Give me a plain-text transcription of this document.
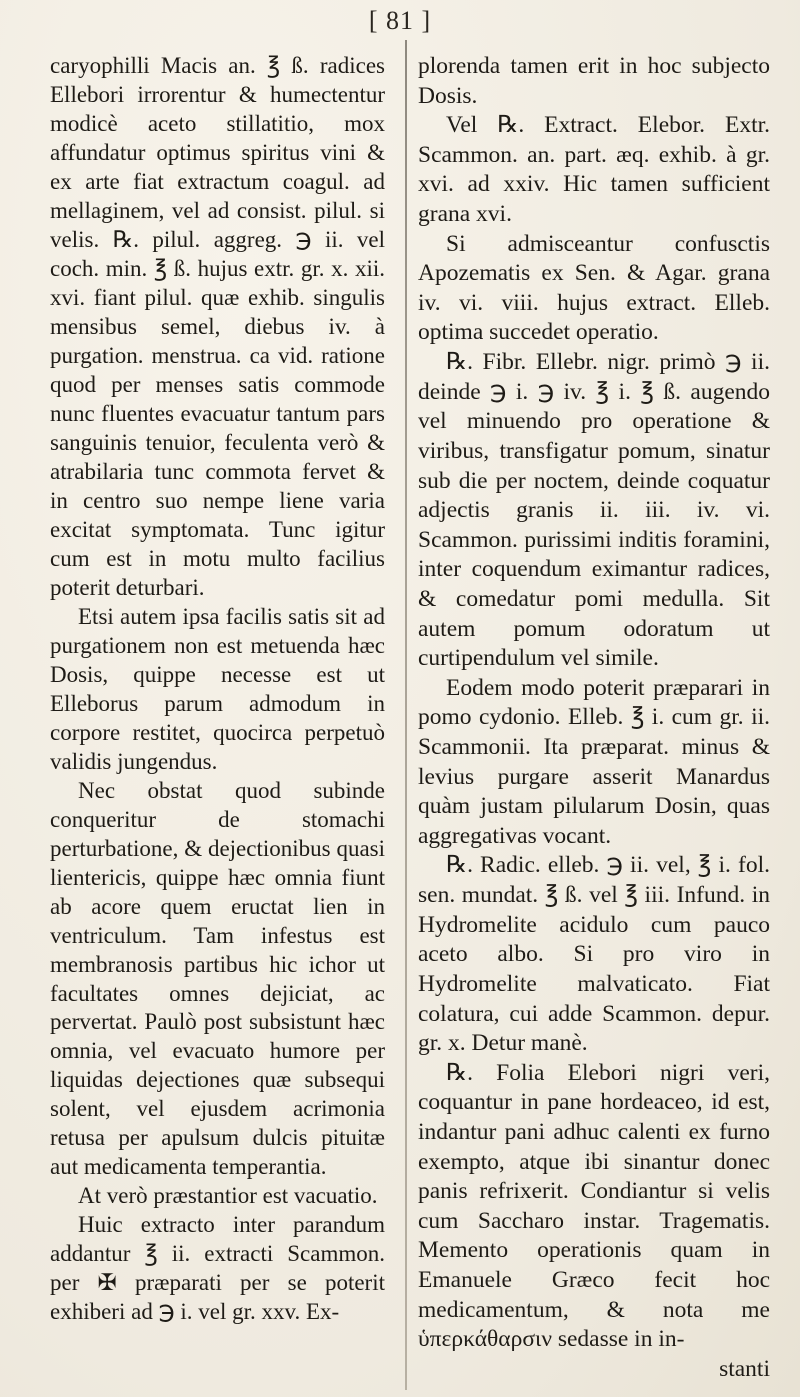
[ 81 ]

caryophilli Macis an. ℥ ß. radices Ellebori irrorentur & humectentur modicè aceto stillatitio, mox affundatur optimus spiritus vini & ex arte fiat extractum coagul. ad mellaginem, vel ad consist. pilul. si velis. ℞. pilul. aggreg. ℈ ii. vel coch. min. ℥ ß. hujus extr. gr. x. xii. xvi. fiant pilul. quæ exhib. singulis mensibus semel, diebus iv. à purgation. menstrua. ca vid. ratione quod per menses satis commode nunc fluentes evacuatur tantum pars sanguinis tenuior, feculenta verò & atrabilaria tunc commota fervet & in centro suo nempe liene varia excitat symptomata. Tunc igitur cum est in motu multo facilius poterit deturbari.

Etsi autem ipsa facilis satis sit ad purgationem non est metuenda hæc Dosis, quippe necesse est ut Elleborus parum admodum in corpore restitet, quocirca perpetuò validis jungendus.

Nec obstat quod subinde conqueritur de stomachi perturbatione, & dejectionibus quasi lientericis, quippe hæc omnia fiunt ab acore quem eructat lien in ventriculum. Tam infestus est membranosis partibus hic ichor ut facultates omnes dejiciat, ac pervertat. Paulò post subsistunt hæc omnia, vel evacuato humore per liquidas dejectiones quæ subsequi solent, vel ejusdem acrimonia retusa per apulsum dulcis pituitæ aut medicamenta temperantia.

At verò præstantior est vacuatio.

Huic extracto inter parandum addantur ℥ ii. extracti Scammon. per ✠ præparati per se poterit exhiberi ad ℈ i. vel gr. xxv. Ex-

plorenda tamen erit in hoc subjecto Dosis.

Vel ℞. Extract. Elebor. Extr. Scammon. an. part. æq. exhib. à gr. xvi. ad xxiv. Hic tamen sufficient grana xvi.

Si admisceantur confusctis Apozematis ex Sen. & Agar. grana iv. vi. viii. hujus extract. Elleb. optima succedet operatio.

℞. Fibr. Ellebr. nigr. primò ℈ ii. deinde ℈ i. ℈ iv. ℥ i. ℥ ß. augendo vel minuendo pro operatione & viribus, transfigatur pomum, sinatur sub die per noctem, deinde coquatur adjectis granis ii. iii. iv. vi. Scammon. purissimi inditis foramini, inter coquendum eximantur radices, & comedatur pomi medulla. Sit autem pomum odoratum ut curtipendulum vel simile.

Eodem modo poterit præparari in pomo cydonio. Elleb. ℥ i. cum gr. ii. Scammonii. Ita præparat. minus & levius purgare asserit Manardus quàm justam pilularum Dosin, quas aggregativas vocant.

℞. Radic. elleb. ℈ ii. vel, ℥ i. fol. sen. mundat. ℥ ß. vel ℥ iii. Infund. in Hydromelite acidulo cum pauco aceto albo. Si pro viro in Hydromelite malvaticato. Fiat colatura, cui adde Scammon. depur. gr. x. Detur manè.

℞. Folia Elebori nigri veri, coquantur in pane hordeaceo, id est, indantur pani adhuc calenti ex furno exempto, atque ibi sinantur donec panis refrixerit. Condiantur si velis cum Saccharo instar. Tragematis. Memento operationis quam in Emanuele Græco fecit hoc medicamentum, & nota me ὑπερκάθαρσιν sedasse in in-

stanti
